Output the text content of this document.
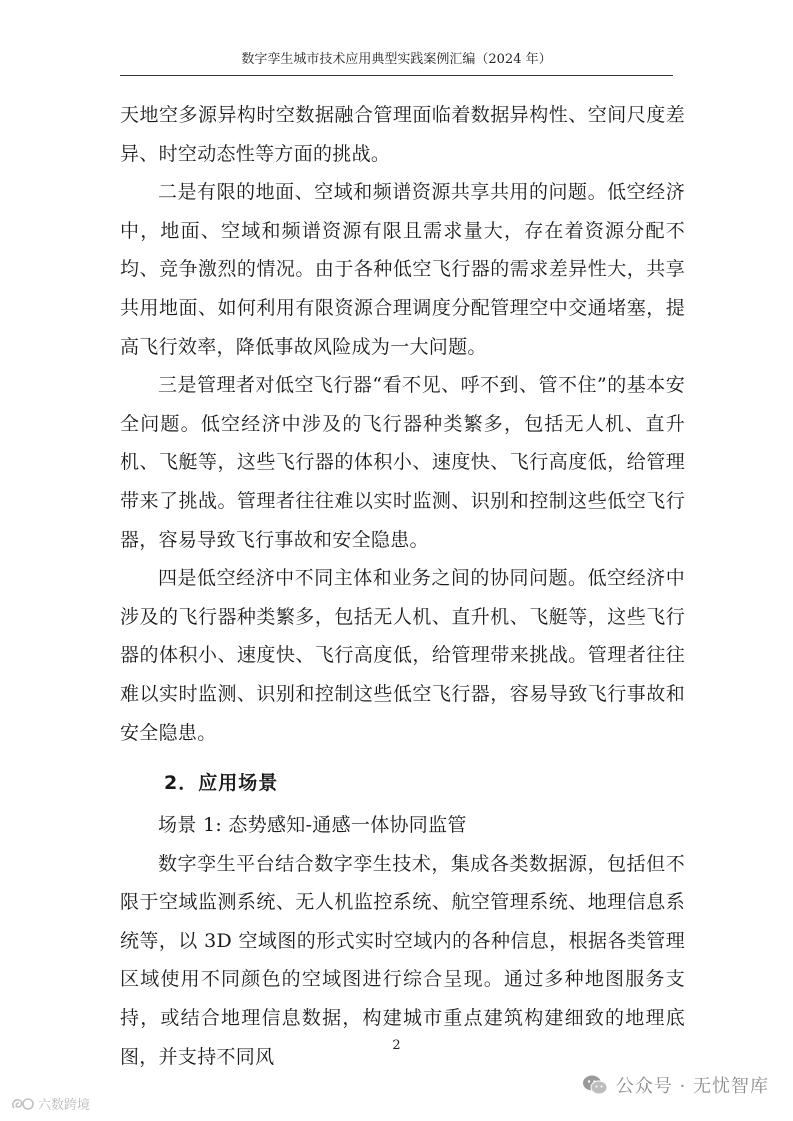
数字孪生城市技术应用典型实践案例汇编（2024 年）

天地空多源异构时空数据融合管理面临着数据异构性、空间尺度差异、时空动态性等方面的挑战。

二是有限的地面、空域和频谱资源共享共用的问题。低空经济中，地面、空域和频谱资源有限且需求量大，存在着资源分配不均、竞争激烈的情况。由于各种低空飞行器的需求差异性大，共享共用地面、如何利用有限资源合理调度分配管理空中交通堵塞，提高飞行效率，降低事故风险成为一大问题。

三是管理者对低空飞行器“看不见、呼不到、管不住”的基本安全问题。低空经济中涉及的飞行器种类繁多，包括无人机、直升机、飞艇等，这些飞行器的体积小、速度快、飞行高度低，给管理带来了挑战。管理者往往难以实时监测、识别和控制这些低空飞行器，容易导致飞行事故和安全隐患。

四是低空经济中不同主体和业务之间的协同问题。低空经济中涉及的飞行器种类繁多，包括无人机、直升机、飞艇等，这些飞行器的体积小、速度快、飞行高度低，给管理带来挑战。管理者往往难以实时监测、识别和控制这些低空飞行器，容易导致飞行事故和安全隐患。

2．应用场景

场景 1: 态势感知-通感一体协同监管

数字孪生平台结合数字孪生技术，集成各类数据源，包括但不限于空域监测系统、无人机监控系统、航空管理系统、地理信息系统等，以 3D 空域图的形式实时空域内的各种信息，根据各类管理区域使用不同颜色的空域图进行综合呈现。通过多种地图服务支持，或结合地理信息数据，构建城市重点建筑构建细致的地理底图，并支持不同风

2
公众号 · 无忧智库
六数跨境
